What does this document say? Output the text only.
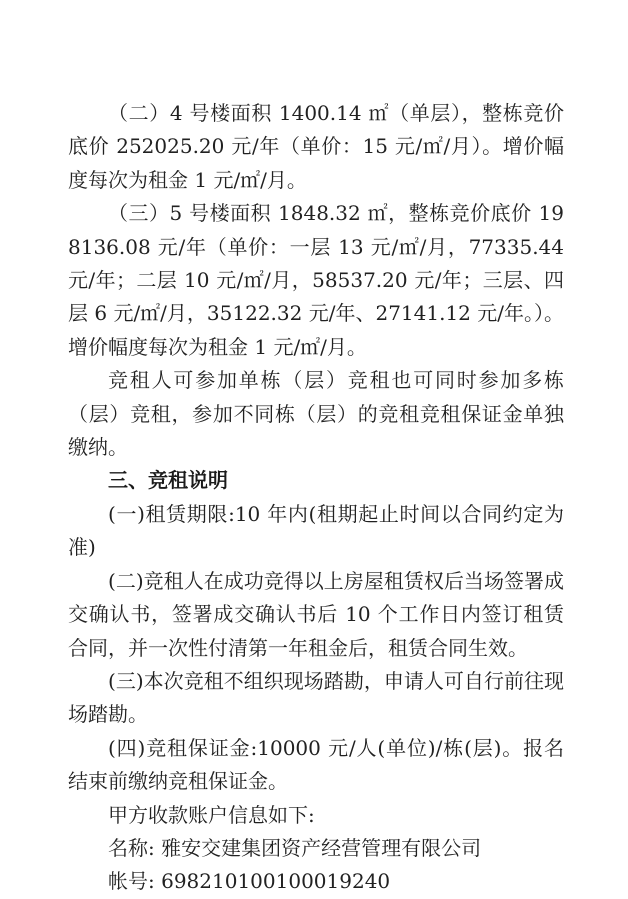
（二）4 号楼面积 1400.14 ㎡（单层），整栋竞价底价 252025.20 元/年（单价：15 元/㎡/月）。增价幅度每次为租金 1 元/㎡/月。

（三）5 号楼面积 1848.32 ㎡，整栋竞价底价 198136.08 元/年（单价：一层 13 元/㎡/月，77335.44 元/年；二层 10 元/㎡/月，58537.20 元/年；三层、四层 6 元/㎡/月，35122.32 元/年、27141.12 元/年。）。增价幅度每次为租金 1 元/㎡/月。

竞租人可参加单栋（层）竞租也可同时参加多栋（层）竞租，参加不同栋（层）的竞租竞租保证金单独缴纳。

三、竞租说明

(一)租赁期限:10 年内(租期起止时间以合同约定为准)

(二)竞租人在成功竞得以上房屋租赁权后当场签署成交确认书，签署成交确认书后 10 个工作日内签订租赁合同，并一次性付清第一年租金后，租赁合同生效。

(三)本次竞租不组织现场踏勘，申请人可自行前往现场踏勘。

(四)竞租保证金:10000 元/人(单位)/栋(层)。报名结束前缴纳竞租保证金。

甲方收款账户信息如下:

名称: 雅安交建集团资产经营管理有限公司

帐号: 698210100100019240
